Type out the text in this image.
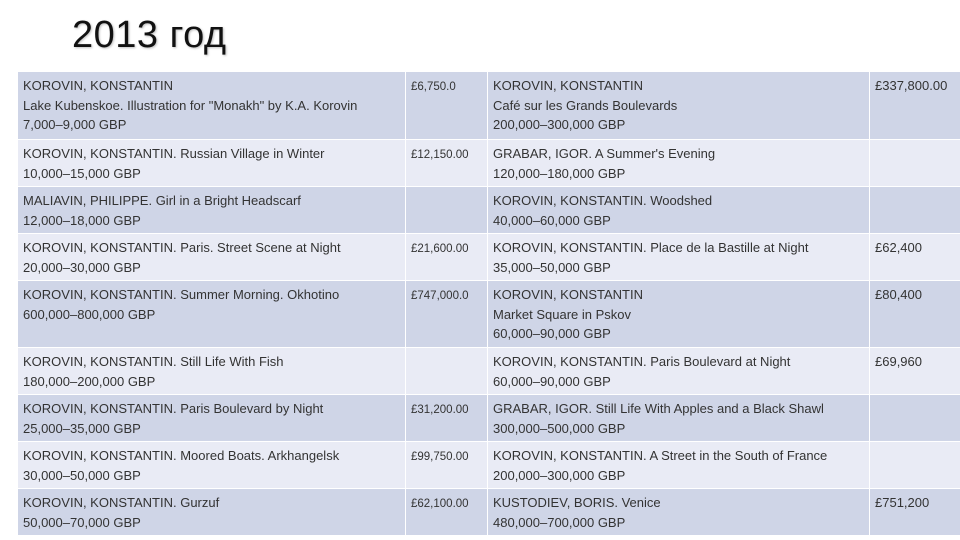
2013 год
KOROVIN, KONSTANTIN
Lake Kubenskoe. Illustration for "Monakh" by K.A. Korovin
7,000–9,000 GBP	£6,750.0	KOROVIN, KONSTANTIN
Café sur les Grands Boulevards
200,000–300,000 GBP	£337,800.00

KOROVIN, KONSTANTIN. Russian Village in Winter
10,000–15,000 GBP	£12,150.00	GRABAR, IGOR. A Summer's Evening
120,000–180,000 GBP	

MALIAVIN, PHILIPPE. Girl in a Bright Headscarf
12,000–18,000 GBP		KOROVIN, KONSTANTIN. Woodshed
40,000–60,000 GBP	

KOROVIN, KONSTANTIN. Paris. Street Scene at Night
20,000–30,000 GBP	£21,600.00	KOROVIN, KONSTANTIN. Place de la Bastille at Night
35,000–50,000 GBP	£62,400

KOROVIN, KONSTANTIN. Summer Morning. Okhotino
600,000–800,000 GBP	£747,000.0	KOROVIN, KONSTANTIN
Market Square in Pskov
60,000–90,000 GBP	£80,400

KOROVIN, KONSTANTIN. Still Life With Fish
180,000–200,000 GBP		KOROVIN, KONSTANTIN. Paris Boulevard at Night
60,000–90,000 GBP	£69,960

KOROVIN, KONSTANTIN. Paris Boulevard by Night
25,000–35,000 GBP	£31,200.00	GRABAR, IGOR. Still Life With Apples and a Black Shawl
300,000–500,000 GBP	

KOROVIN, KONSTANTIN. Moored Boats. Arkhangelsk
30,000–50,000 GBP	£99,750.00	KOROVIN, KONSTANTIN. A Street in the South of France
200,000–300,000 GBP	

KOROVIN, KONSTANTIN. Gurzuf
50,000–70,000 GBP	£62,100.00	KUSTODIEV, BORIS. Venice
480,000–700,000 GBP	£751,200
